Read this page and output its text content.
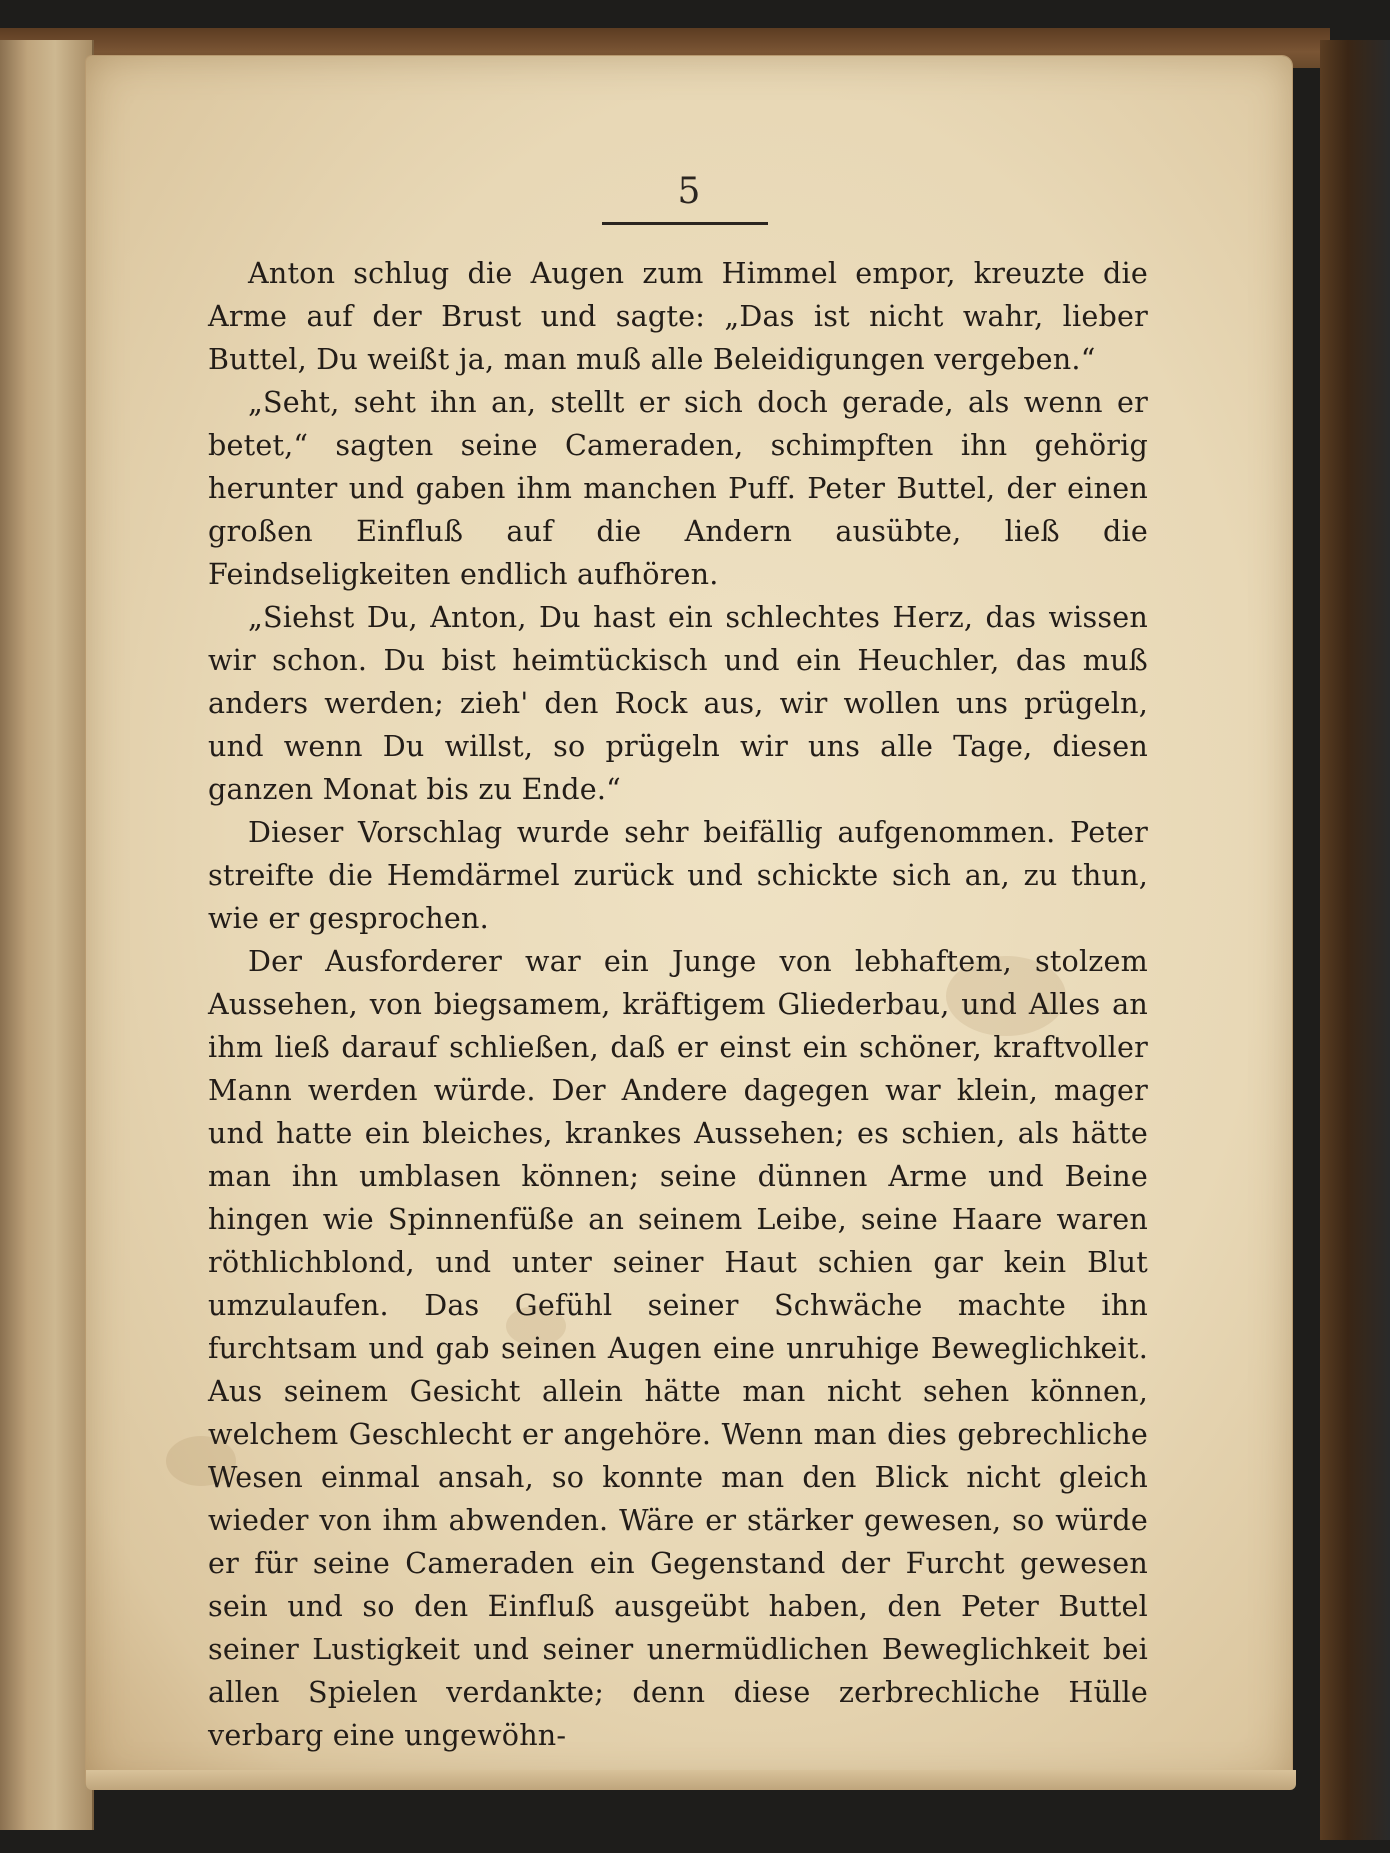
5

Anton schlug die Augen zum Himmel empor, kreuzte die Arme auf der Brust und sagte: „Das ist nicht wahr, lieber Buttel, Du weißt ja, man muß alle Beleidigungen vergeben.“

„Seht, seht ihn an, stellt er sich doch gerade, als wenn er betet,“ sagten seine Cameraden, schimpften ihn gehörig herunter und gaben ihm manchen Puff. Peter Buttel, der einen großen Einfluß auf die Andern ausübte, ließ die Feindseligkeiten endlich aufhören.

„Siehst Du, Anton, Du hast ein schlechtes Herz, das wissen wir schon. Du bist heimtückisch und ein Heuchler, das muß anders werden; zieh' den Rock aus, wir wollen uns prügeln, und wenn Du willst, so prügeln wir uns alle Tage, diesen ganzen Monat bis zu Ende.“

Dieser Vorschlag wurde sehr beifällig aufgenommen. Peter streifte die Hemdärmel zurück und schickte sich an, zu thun, wie er gesprochen.

Der Ausforderer war ein Junge von lebhaftem, stolzem Aussehen, von biegsamem, kräftigem Gliederbau, und Alles an ihm ließ darauf schließen, daß er einst ein schöner, kraftvoller Mann werden würde. Der Andere dagegen war klein, mager und hatte ein bleiches, krankes Aussehen; es schien, als hätte man ihn umblasen können; seine dünnen Arme und Beine hingen wie Spinnenfüße an seinem Leibe, seine Haare waren röthlichblond, und unter seiner Haut schien gar kein Blut umzulaufen. Das Gefühl seiner Schwäche machte ihn furchtsam und gab seinen Augen eine unruhige Beweglichkeit. Aus seinem Gesicht allein hätte man nicht sehen können, welchem Geschlecht er angehöre. Wenn man dies gebrechliche Wesen einmal ansah, so konnte man den Blick nicht gleich wieder von ihm abwenden. Wäre er stärker gewesen, so würde er für seine Cameraden ein Gegenstand der Furcht gewesen sein und so den Einfluß ausgeübt haben, den Peter Buttel seiner Lustigkeit und seiner unermüdlichen Beweglichkeit bei allen Spielen verdankte; denn diese zerbrechliche Hülle verbarg eine ungewöhn-
